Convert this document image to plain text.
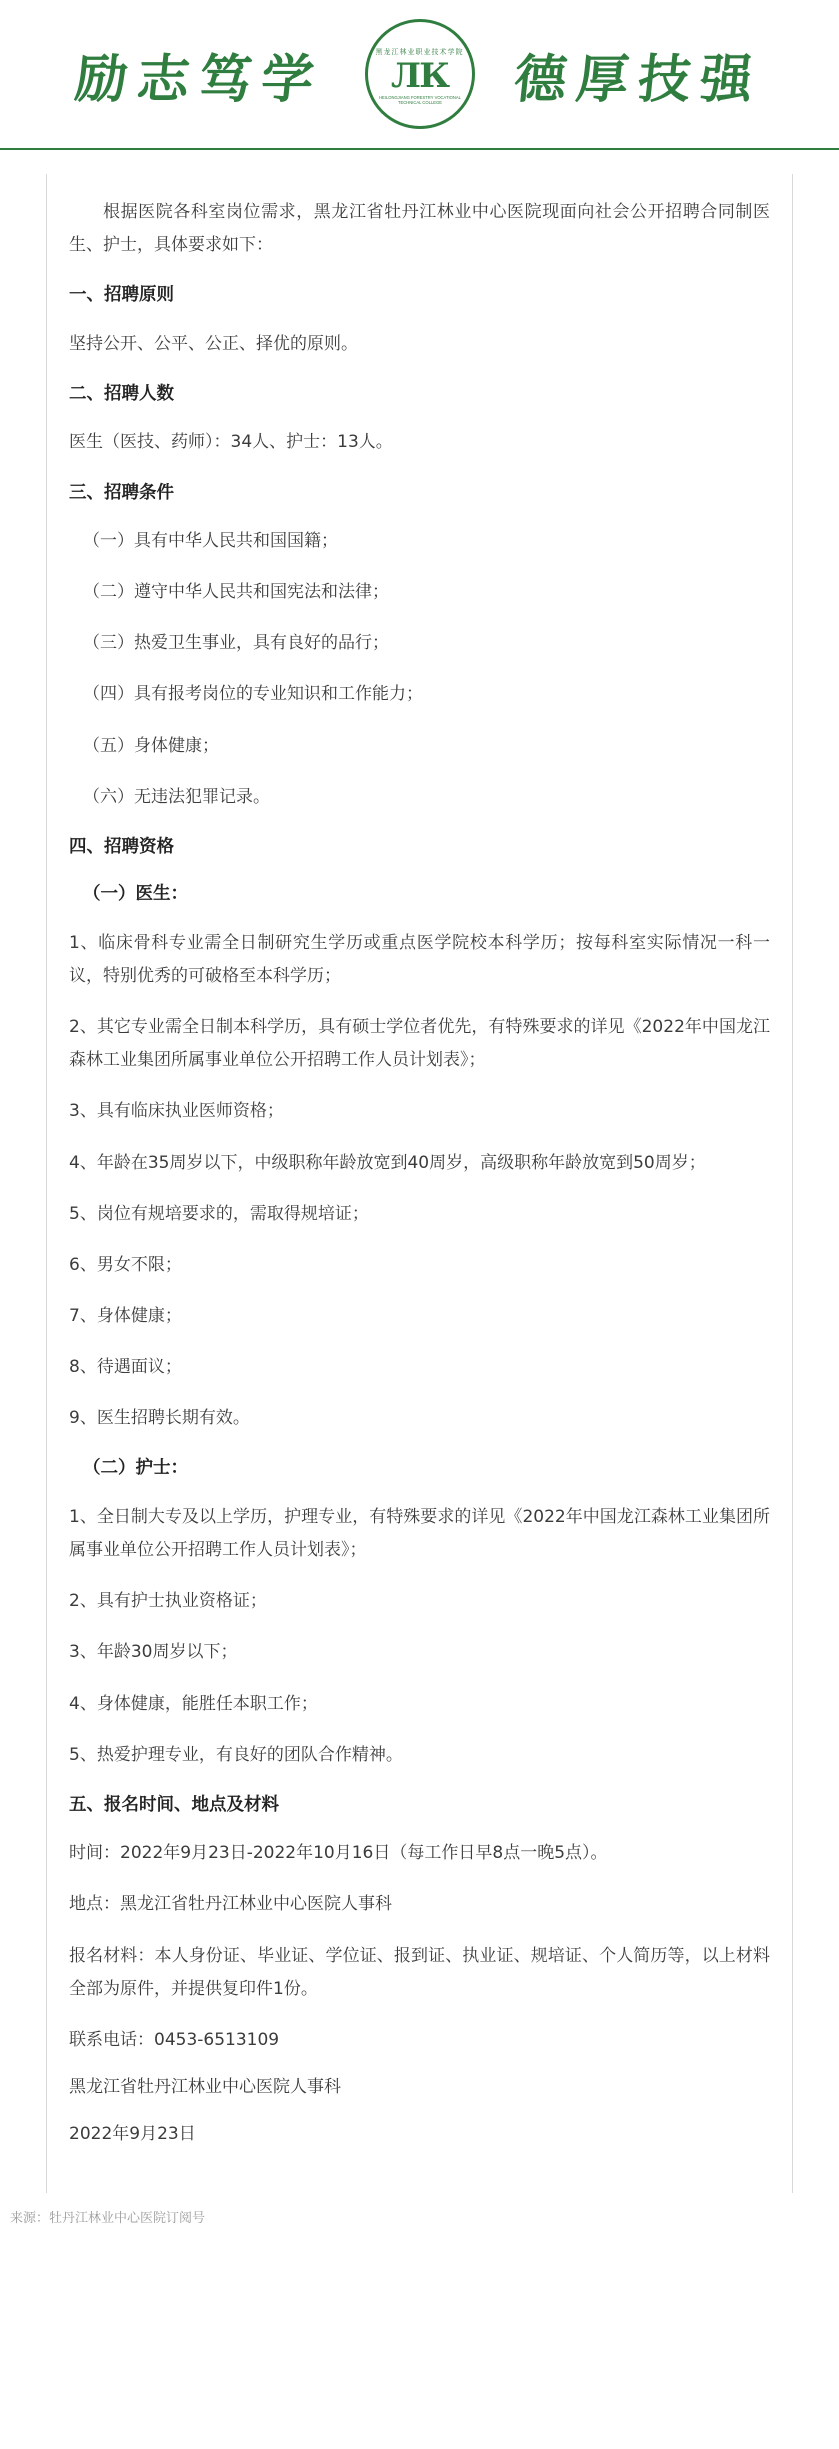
励志笃学	黑龙江林业职业技术学院
ЛК
HEILONGJIANG FORESTRY VOCATIONAL TECHNICAL COLLEGE	德厚技强

根据医院各科室岗位需求，黑龙江省牡丹江林业中心医院现面向社会公开招聘合同制医生、护士，具体要求如下：

一、招聘原则

坚持公开、公平、公正、择优的原则。

二、招聘人数

医生（医技、药师）：34人、护士：13人。

三、招聘条件

（一）具有中华人民共和国国籍；

（二）遵守中华人民共和国宪法和法律；

（三）热爱卫生事业，具有良好的品行；

（四）具有报考岗位的专业知识和工作能力；

（五）身体健康；

（六）无违法犯罪记录。

四、招聘资格
（一）医生：

1、临床骨科专业需全日制研究生学历或重点医学院校本科学历；按每科室实际情况一科一议，特别优秀的可破格至本科学历；

2、其它专业需全日制本科学历，具有硕士学位者优先，有特殊要求的详见《2022年中国龙江森林工业集团所属事业单位公开招聘工作人员计划表》；

3、具有临床执业医师资格；

4、年龄在35周岁以下，中级职称年龄放宽到40周岁，高级职称年龄放宽到50周岁；

5、岗位有规培要求的，需取得规培证；

6、男女不限；

7、身体健康；

8、待遇面议；

9、医生招聘长期有效。

（二）护士：

1、全日制大专及以上学历，护理专业，有特殊要求的详见《2022年中国龙江森林工业集团所属事业单位公开招聘工作人员计划表》；

2、具有护士执业资格证；

3、年龄30周岁以下；

4、身体健康，能胜任本职工作；

5、热爱护理专业，有良好的团队合作精神。

五、报名时间、地点及材料

时间：2022年9月23日-2022年10月16日（每工作日早8点一晚5点）。

地点：黑龙江省牡丹江林业中心医院人事科

报名材料：本人身份证、毕业证、学位证、报到证、执业证、规培证、个人简历等，以上材料全部为原件，并提供复印件1份。

联系电话：0453-6513109

黑龙江省牡丹江林业中心医院人事科

2022年9月23日

来源：牡丹江林业中心医院订阅号
